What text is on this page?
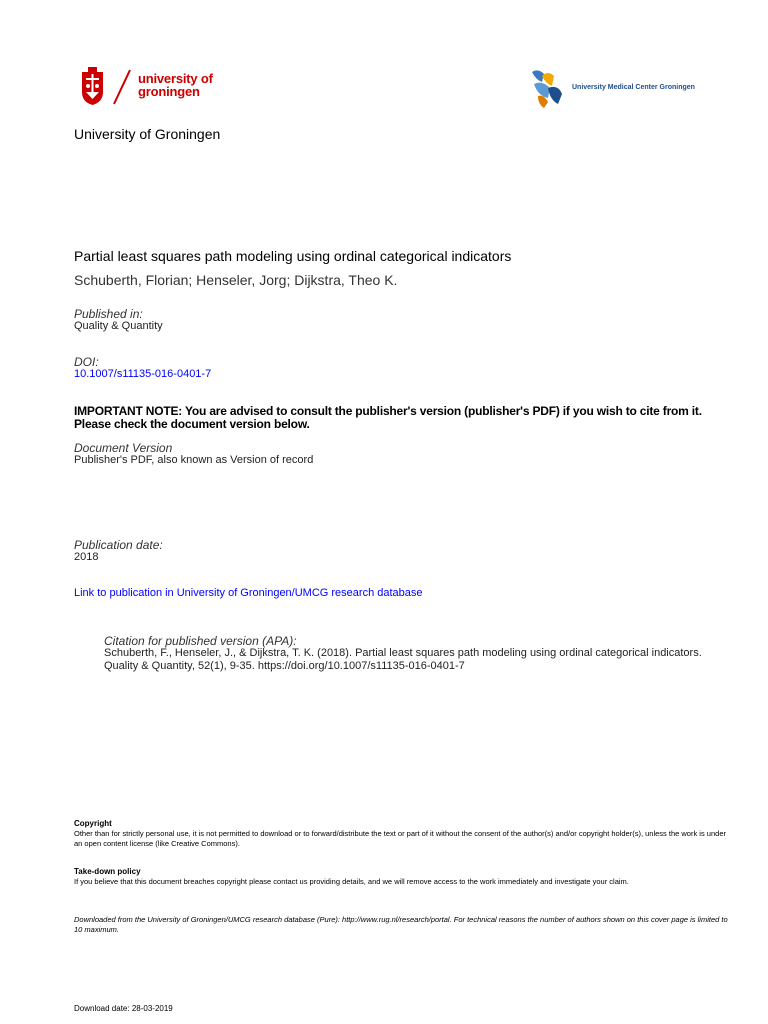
university of
groningen	University Medical Center Groningen
University of Groningen
Partial least squares path modeling using ordinal categorical indicators
Schuberth, Florian; Henseler, Jorg; Dijkstra, Theo K.
Published in:
Quality & Quantity
DOI:
10.1007/s11135-016-0401-7
IMPORTANT NOTE: You are advised to consult the publisher's version (publisher's PDF) if you wish to cite from it. Please check the document version below.
Document Version
Publisher's PDF, also known as Version of record
Publication date:
2018
Link to publication in University of Groningen/UMCG research database
Citation for published version (APA):
Schuberth, F., Henseler, J., & Dijkstra, T. K. (2018). Partial least squares path modeling using ordinal categorical indicators. Quality & Quantity, 52(1), 9-35. https://doi.org/10.1007/s11135-016-0401-7
Copyright
Other than for strictly personal use, it is not permitted to download or to forward/distribute the text or part of it without the consent of the author(s) and/or copyright holder(s), unless the work is under an open content license (like Creative Commons).
Take-down policy
If you believe that this document breaches copyright please contact us providing details, and we will remove access to the work immediately and investigate your claim.
Downloaded from the University of Groningen/UMCG research database (Pure): http://www.rug.nl/research/portal. For technical reasons the number of authors shown on this cover page is limited to 10 maximum.
Download date: 28-03-2019
